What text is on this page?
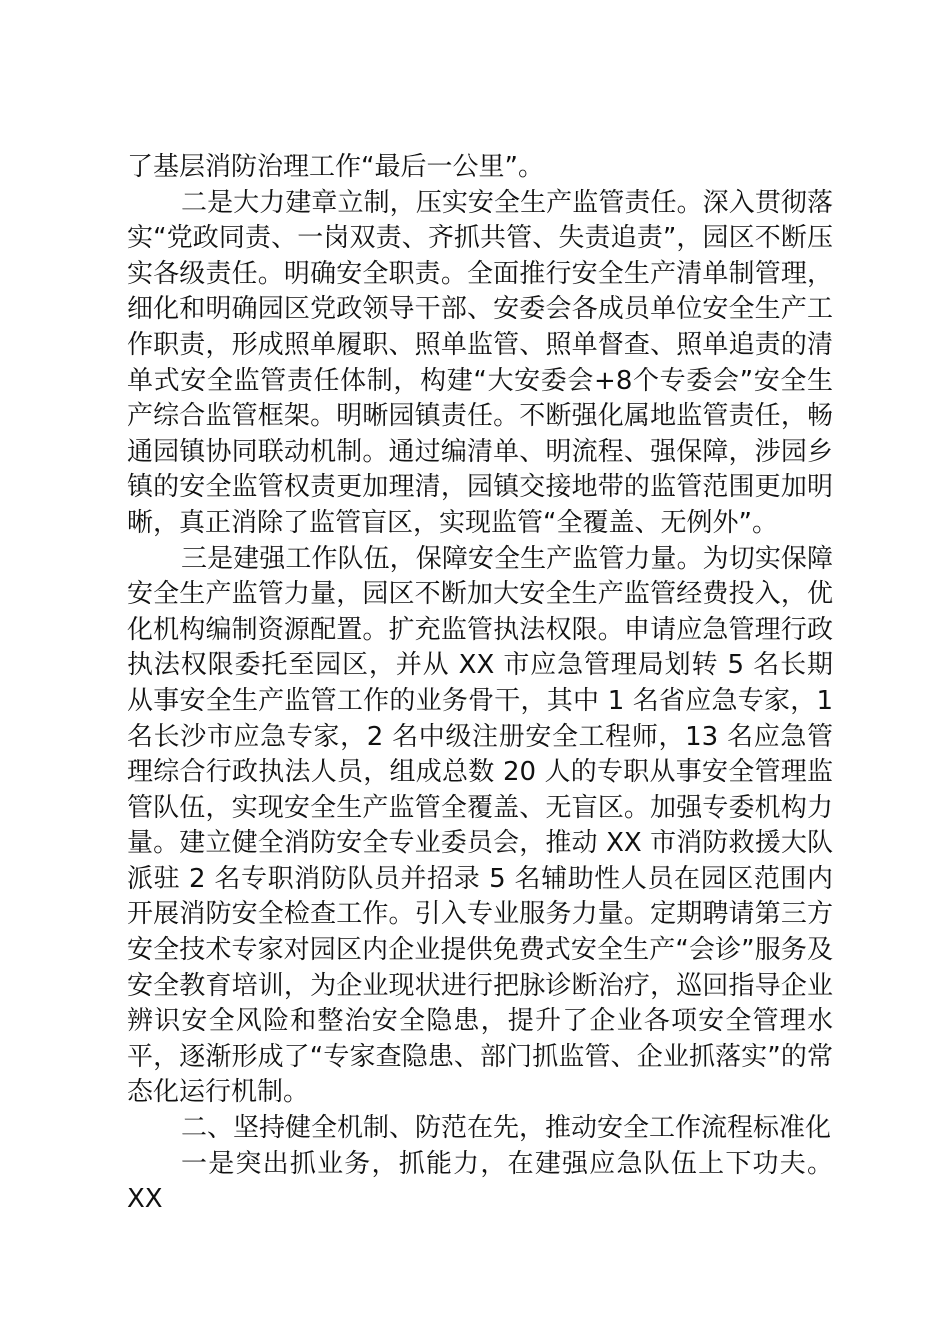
了基层消防治理工作“最后一公里”。

二是大力建章立制，压实安全生产监管责任。深入贯彻落实“党政同责、一岗双责、齐抓共管、失责追责”，园区不断压实各级责任。明确安全职责。全面推行安全生产清单制管理，细化和明确园区党政领导干部、安委会各成员单位安全生产工作职责，形成照单履职、照单监管、照单督查、照单追责的清单式安全监管责任体制，构建“大安委会+8个专委会”安全生产综合监管框架。明晰园镇责任。不断强化属地监管责任，畅通园镇协同联动机制。通过编清单、明流程、强保障，涉园乡镇的安全监管权责更加理清，园镇交接地带的监管范围更加明晰，真正消除了监管盲区，实现监管“全覆盖、无例外”。

三是建强工作队伍，保障安全生产监管力量。为切实保障安全生产监管力量，园区不断加大安全生产监管经费投入，优化机构编制资源配置。扩充监管执法权限。申请应急管理行政执法权限委托至园区，并从 XX 市应急管理局划转 5 名长期从事安全生产监管工作的业务骨干，其中 1 名省应急专家，1 名长沙市应急专家，2 名中级注册安全工程师，13 名应急管理综合行政执法人员，组成总数 20 人的专职从事安全管理监管队伍，实现安全生产监管全覆盖、无盲区。加强专委机构力量。建立健全消防安全专业委员会，推动 XX 市消防救援大队派驻 2 名专职消防队员并招录 5 名辅助性人员在园区范围内开展消防安全检查工作。引入专业服务力量。定期聘请第三方安全技术专家对园区内企业提供免费式安全生产“会诊”服务及安全教育培训，为企业现状进行把脉诊断治疗，巡回指导企业辨识安全风险和整治安全隐患，提升了企业各项安全管理水平，逐渐形成了“专家查隐患、部门抓监管、企业抓落实”的常态化运行机制。

二、坚持健全机制、防范在先，推动安全工作流程标准化

一是突出抓业务，抓能力，在建强应急队伍上下功夫。XX
